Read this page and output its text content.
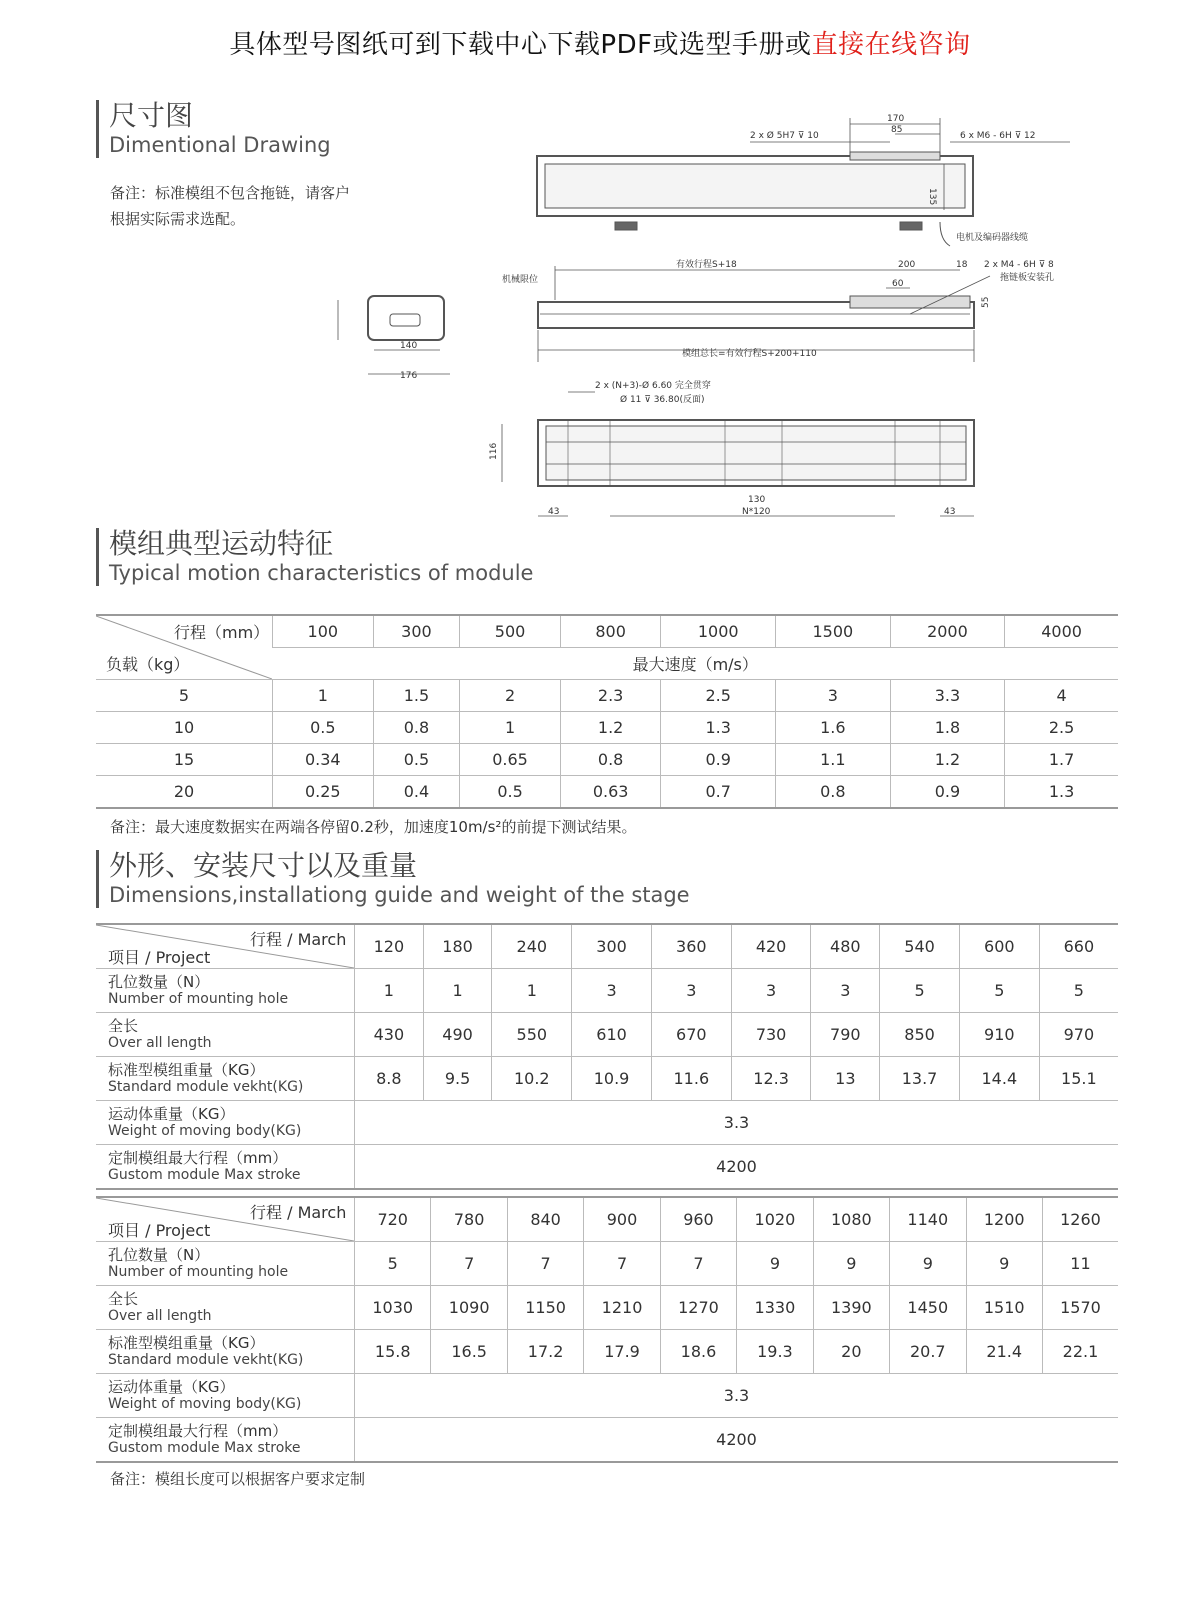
具体型号图纸可到下载中心下载PDF或选型手册或直接在线咨询
尺寸图
Dimentional Drawing
备注：标准模组不包含拖链，请客户
根据实际需求选配。
170
85
2 x Ø 5H7 ⊽ 10	6 x M6 - 6H ⊽ 12
135
电机及编码器线缆
机械限位
有效行程S+18	200	18 2 x M4 - 6H ⊽ 8
拖链板安装孔
60
55
模组总长=有效行程S+200+110
140
176
2 x (N+3)-Ø 6.60 完全贯穿
Ø 11 ⊽ 36.80(反面)
116
43
130
N*120	43
模组典型运动特征
Typical motion characteristics of module
行程（mm）
负载（kg）	100	300	500	800	1000	1500	2000	4000
	最大速度（m/s）							
5	1	1.5	2	2.3	2.5	3	3.3	4
10	0.5	0.8	1	1.2	1.3	1.6	1.8	2.5
15	0.34	0.5	0.65	0.8	0.9	1.1	1.2	1.7
20	0.25	0.4	0.5	0.63	0.7	0.8	0.9	1.3
备注：最大速度数据实在两端各停留0.2秒，加速度10m/s²的前提下测试结果。
外形、安装尺寸以及重量
Dimensions,installationg guide and weight of the stage
行程 / March
项目 / Project	120	180	240	300	360	420	480	540	600	660

孔位数量（N）
Number of mounting hole	1	1	1	3	3	3	3	5	5	5

全长
Over all length	430	490	550	610	670	730	790	850	910	970

标准型模组重量（KG）
Standard module vekht(KG)	8.8	9.5	10.2	10.9	11.6	12.3	13	13.7	14.4	15.1

运动体重量（KG）
Weight of moving body(KG)	3.3									

定制模组最大行程（mm）
Gustom module Max stroke	4200									
行程 / March
项目 / Project	720	780	840	900	960	1020	1080	1140	1200	1260

孔位数量（N）
Number of mounting hole	5	7	7	7	7	9	9	9	9	11

全长
Over all length	1030	1090	1150	1210	1270	1330	1390	1450	1510	1570

标准型模组重量（KG）
Standard module vekht(KG)	15.8	16.5	17.2	17.9	18.6	19.3	20	20.7	21.4	22.1

运动体重量（KG）
Weight of moving body(KG)	3.3									

定制模组最大行程（mm）
Gustom module Max stroke	4200									
备注：模组长度可以根据客户要求定制
